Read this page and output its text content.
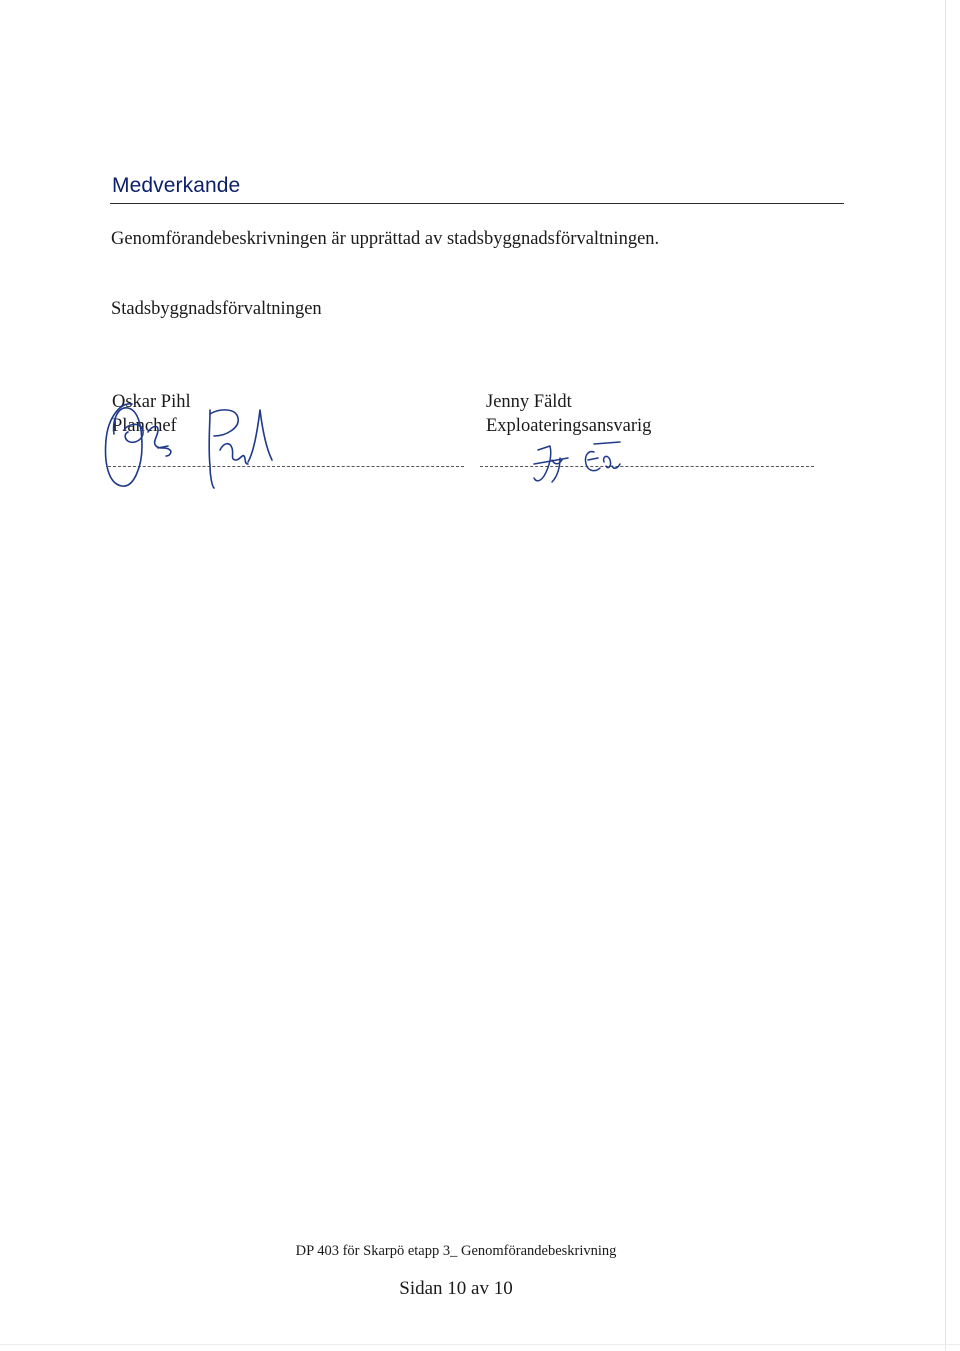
Medverkande
Genomförandebeskrivningen är upprättad av stadsbyggnadsförvaltningen.
Stadsbyggnadsförvaltningen
Oskar Pihl
Planchef
Jenny Fäldt
Exploateringsansvarig
DP 403 för Skarpö etapp 3_ Genomförandebeskrivning
Sidan 10 av 10
